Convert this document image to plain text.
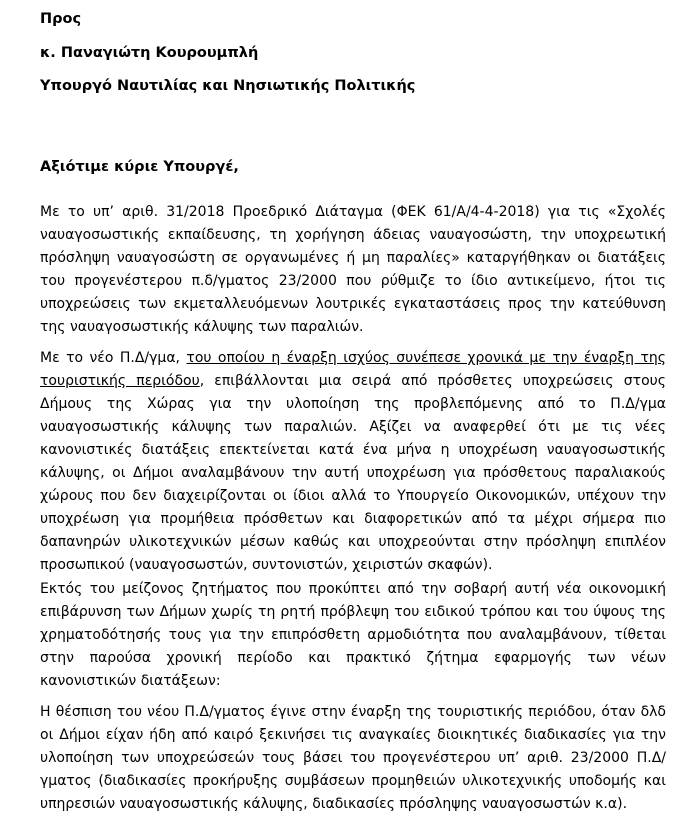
Προς
κ. Παναγιώτη Κουρουμπλή
Υπουργό Ναυτιλίας και Νησιωτικής Πολιτικής
Αξιότιμε κύριε Υπουργέ,

Με το υπ’ αριθ. 31/2018 Προεδρικό Διάταγμα (ΦΕΚ 61/Α/4-4-2018) για τις «Σχολές ναυαγοσωστικής εκπαίδευσης, τη χορήγηση άδειας ναυαγοσώστη, την υποχρεωτική πρόσληψη ναυαγοσώστη σε οργανωμένες ή μη παραλίες» καταργήθηκαν οι διατάξεις του προγενέστερου π.δ/γματος 23/2000 που ρύθμιζε το ίδιο αντικείμενο, ήτοι τις υποχρεώσεις των εκμεταλλευόμενων λουτρικές εγκαταστάσεις προς την κατεύθυνση της ναυαγοσωστικής κάλυψης των παραλιών.

Με το νέο Π.Δ/γμα, του οποίου η έναρξη ισχύος συνέπεσε χρονικά με την έναρξη της τουριστικής περιόδου, επιβάλλονται μια σειρά από πρόσθετες υποχρεώσεις στους Δήμους της Χώρας για την υλοποίηση της προβλεπόμενης από το Π.Δ/γμα ναυαγοσωστικής κάλυψης των παραλιών. Αξίζει να αναφερθεί ότι με τις νέες κανονιστικές διατάξεις επεκτείνεται κατά ένα μήνα η υποχρέωση ναυαγοσωστικής κάλυψης, οι Δήμοι αναλαμβάνουν την αυτή υποχρέωση για πρόσθετους παραλιακούς χώρους που δεν διαχειρίζονται οι ίδιοι αλλά το Υπουργείο Οικονομικών, υπέχουν την υποχρέωση για προμήθεια πρόσθετων και διαφορετικών από τα μέχρι σήμερα πιο δαπανηρών υλικοτεχνικών μέσων καθώς και υποχρεούνται στην πρόσληψη επιπλέον προσωπικού (ναυαγοσωστών, συντονιστών, χειριστών σκαφών).

Εκτός του μείζονος ζητήματος που προκύπτει από την σοβαρή αυτή νέα οικονομική επιβάρυνση των Δήμων χωρίς τη ρητή πρόβλεψη του ειδικού τρόπου και του ύψους της χρηματοδότησής τους για την επιπρόσθετη αρμοδιότητα που αναλαμβάνουν, τίθεται στην παρούσα χρονική περίοδο και πρακτικό ζήτημα εφαρμογής των νέων κανονιστικών διατάξεων:

Η θέσπιση του νέου Π.Δ/γματος έγινε στην έναρξη της τουριστικής περιόδου, όταν δλδ οι Δήμοι είχαν ήδη από καιρό ξεκινήσει τις αναγκαίες διοικητικές διαδικασίες για την υλοποίηση των υποχρεώσεών τους βάσει του προγενέστερου υπ’ αριθ. 23/2000 Π.Δ/γματος (διαδικασίες προκήρυξης συμβάσεων προμηθειών υλικοτεχνικής υποδομής και υπηρεσιών ναυαγοσωστικής κάλυψης, διαδικασίες πρόσληψης ναυαγοσωστών κ.α).
